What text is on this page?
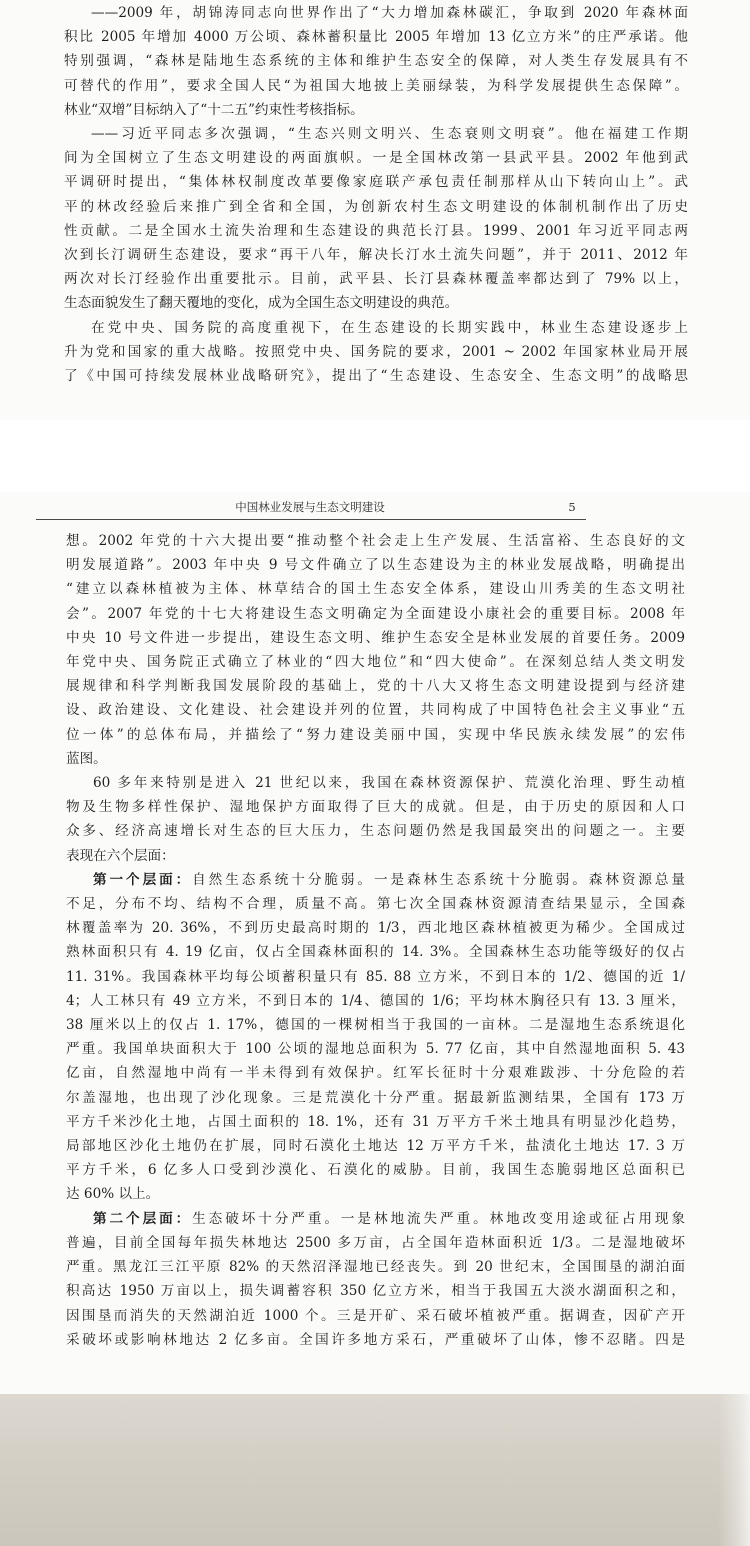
——2009 年，胡锦涛同志向世界作出了“大力增加森林碳汇，争取到 2020 年森林面

积比 2005 年增加 4000 万公顷、森林蓄积量比 2005 年增加 13 亿立方米”的庄严承诺。他

特别强调，“森林是陆地生态系统的主体和维护生态安全的保障，对人类生存发展具有不

可替代的作用”，要求全国人民“为祖国大地披上美丽绿装，为科学发展提供生态保障”。

林业“双增”目标纳入了“十二五”约束性考核指标。

——习近平同志多次强调，“生态兴则文明兴、生态衰则文明衰”。他在福建工作期

间为全国树立了生态文明建设的两面旗帜。一是全国林改第一县武平县。2002 年他到武

平调研时提出，“集体林权制度改革要像家庭联产承包责任制那样从山下转向山上”。武

平的林改经验后来推广到全省和全国，为创新农村生态文明建设的体制机制作出了历史

性贡献。二是全国水土流失治理和生态建设的典范长汀县。1999、2001 年习近平同志两

次到长汀调研生态建设，要求“再干八年，解决长汀水土流失问题”，并于 2011、2012 年

两次对长汀经验作出重要批示。目前，武平县、长汀县森林覆盖率都达到了 79% 以上，

生态面貌发生了翻天覆地的变化，成为全国生态文明建设的典范。

在党中央、国务院的高度重视下，在生态建设的长期实践中，林业生态建设逐步上

升为党和国家的重大战略。按照党中央、国务院的要求，2001 ~ 2002 年国家林业局开展

了《中国可持续发展林业战略研究》，提出了“生态建设、生态安全、生态文明”的战略思

中国林业发展与生态文明建设	5

想。2002 年党的十六大提出要“推动整个社会走上生产发展、生活富裕、生态良好的文

明发展道路”。2003 年中央 9 号文件确立了以生态建设为主的林业发展战略，明确提出

“建立以森林植被为主体、林草结合的国土生态安全体系，建设山川秀美的生态文明社

会”。2007 年党的十七大将建设生态文明确定为全面建设小康社会的重要目标。2008 年

中央 10 号文件进一步提出，建设生态文明、维护生态安全是林业发展的首要任务。2009

年党中央、国务院正式确立了林业的“四大地位”和“四大使命”。在深刻总结人类文明发

展规律和科学判断我国发展阶段的基础上，党的十八大又将生态文明建设提到与经济建

设、政治建设、文化建设、社会建设并列的位置，共同构成了中国特色社会主义事业“五

位一体”的总体布局，并描绘了“努力建设美丽中国，实现中华民族永续发展”的宏伟

蓝图。

60 多年来特别是进入 21 世纪以来，我国在森林资源保护、荒漠化治理、野生动植

物及生物多样性保护、湿地保护方面取得了巨大的成就。但是，由于历史的原因和人口

众多、经济高速增长对生态的巨大压力，生态问题仍然是我国最突出的问题之一。主要

表现在六个层面：

第一个层面：自然生态系统十分脆弱。一是森林生态系统十分脆弱。森林资源总量

不足，分布不均、结构不合理，质量不高。第七次全国森林资源清查结果显示，全国森

林覆盖率为 20. 36%，不到历史最高时期的 1/3，西北地区森林植被更为稀少。全国成过

熟林面积只有 4. 19 亿亩，仅占全国森林面积的 14. 3%。全国森林生态功能等级好的仅占

11. 31%。我国森林平均每公顷蓄积量只有 85. 88 立方米，不到日本的 1/2、德国的近 1/

4；人工林只有 49 立方米，不到日本的 1/4、德国的 1/6；平均林木胸径只有 13. 3 厘米，

38 厘米以上的仅占 1. 17%，德国的一棵树相当于我国的一亩林。二是湿地生态系统退化

严重。我国单块面积大于 100 公顷的湿地总面积为 5. 77 亿亩，其中自然湿地面积 5. 43

亿亩，自然湿地中尚有一半未得到有效保护。红军长征时十分艰难跋涉、十分危险的若

尔盖湿地，也出现了沙化现象。三是荒漠化十分严重。据最新监测结果，全国有 173 万

平方千米沙化土地，占国土面积的 18. 1%，还有 31 万平方千米土地具有明显沙化趋势，

局部地区沙化土地仍在扩展，同时石漠化土地达 12 万平方千米，盐渍化土地达 17. 3 万

平方千米，6 亿多人口受到沙漠化、石漠化的威胁。目前，我国生态脆弱地区总面积已

达 60% 以上。

第二个层面：生态破坏十分严重。一是林地流失严重。林地改变用途或征占用现象

普遍，目前全国每年损失林地达 2500 多万亩，占全国年造林面积近 1/3。二是湿地破坏

严重。黑龙江三江平原 82% 的天然沼泽湿地已经丧失。到 20 世纪末，全国围垦的湖泊面

积高达 1950 万亩以上，损失调蓄容积 350 亿立方米，相当于我国五大淡水湖面积之和，

因围垦而消失的天然湖泊近 1000 个。三是开矿、采石破坏植被严重。据调查，因矿产开

采破坏或影响林地达 2 亿多亩。全国许多地方采石，严重破坏了山体，惨不忍睹。四是
